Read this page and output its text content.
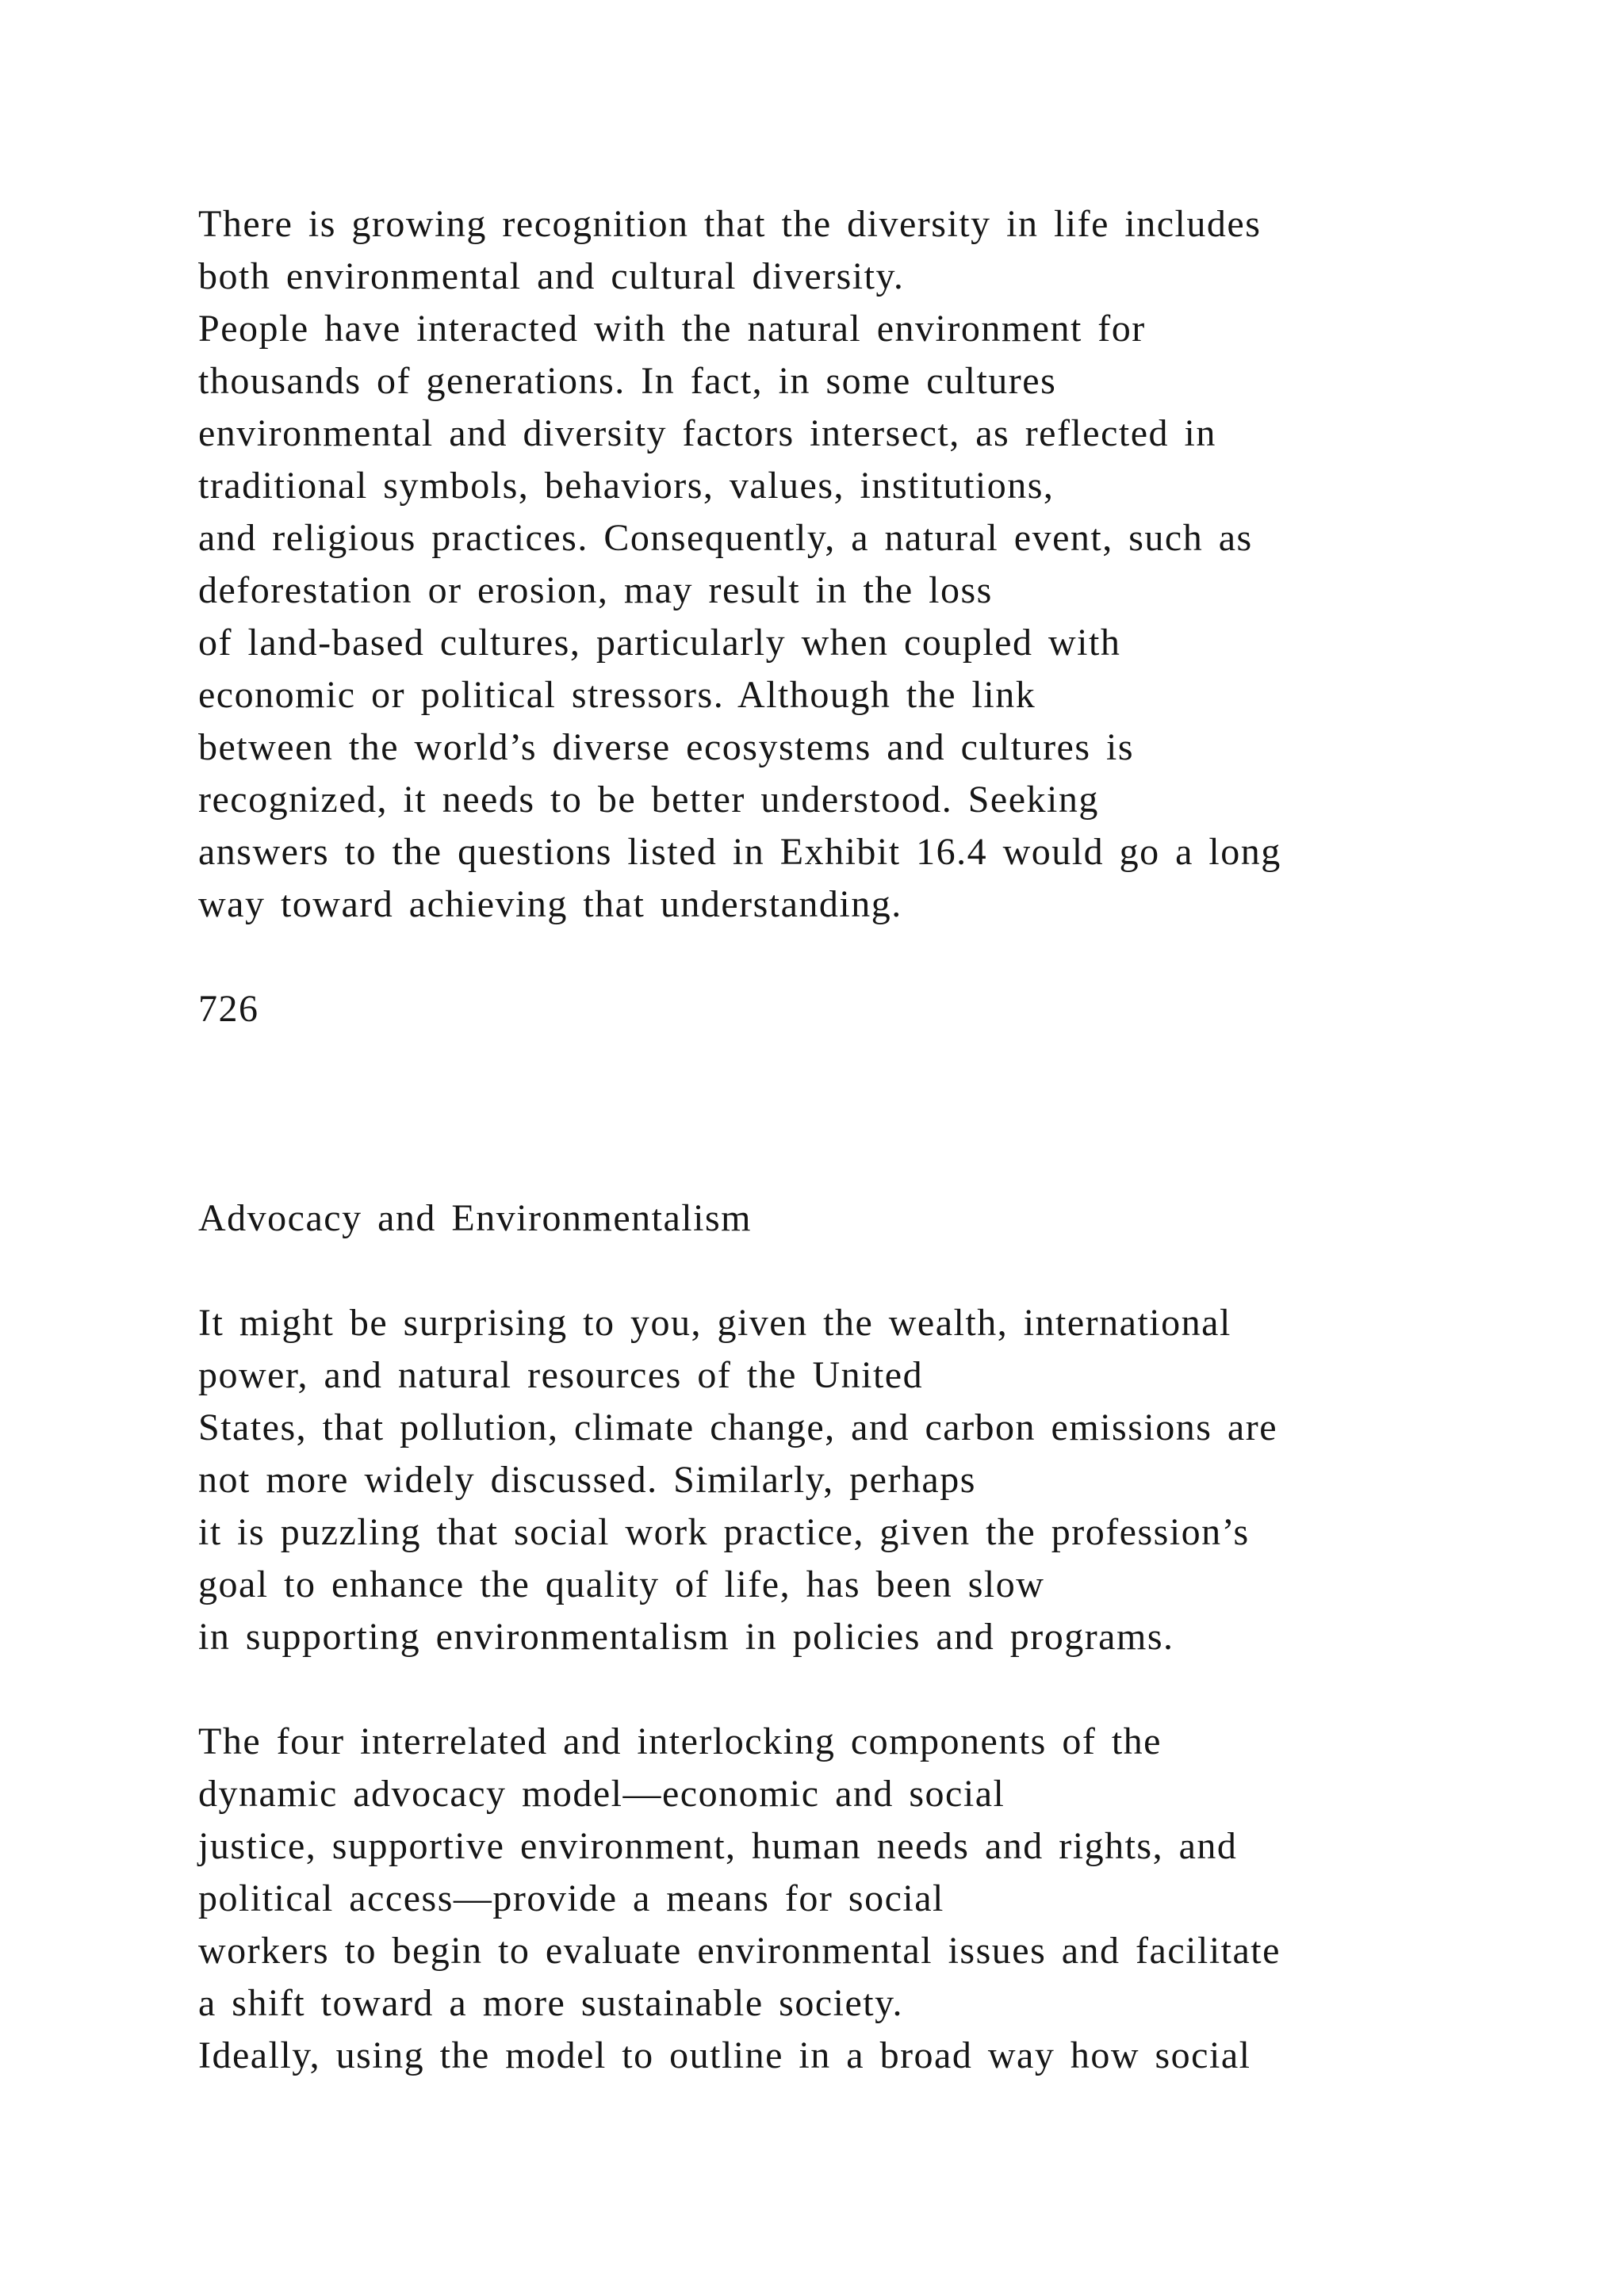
There is growing recognition that the diversity in life includes
both environmental and cultural diversity.
People have interacted with the natural environment for
thousands of generations. In fact, in some cultures
environmental and diversity factors intersect, as reflected in
traditional symbols, behaviors, values, institutions,
and religious practices. Consequently, a natural event, such as
deforestation or erosion, may result in the loss
of land-based cultures, particularly when coupled with
economic or political stressors. Although the link
between the world’s diverse ecosystems and cultures is
recognized, it needs to be better understood. Seeking
answers to the questions listed in Exhibit 16.4 would go a long
way toward achieving that understanding.
726
Advocacy and Environmentalism
It might be surprising to you, given the wealth, international
power, and natural resources of the United
States, that pollution, climate change, and carbon emissions are
not more widely discussed. Similarly, perhaps
it is puzzling that social work practice, given the profession’s
goal to enhance the quality of life, has been slow
in supporting environmentalism in policies and programs.
The four interrelated and interlocking components of the
dynamic advocacy model—economic and social
justice, supportive environment, human needs and rights, and
political access—provide a means for social
workers to begin to evaluate environmental issues and facilitate
a shift toward a more sustainable society.
Ideally, using the model to outline in a broad way how social
